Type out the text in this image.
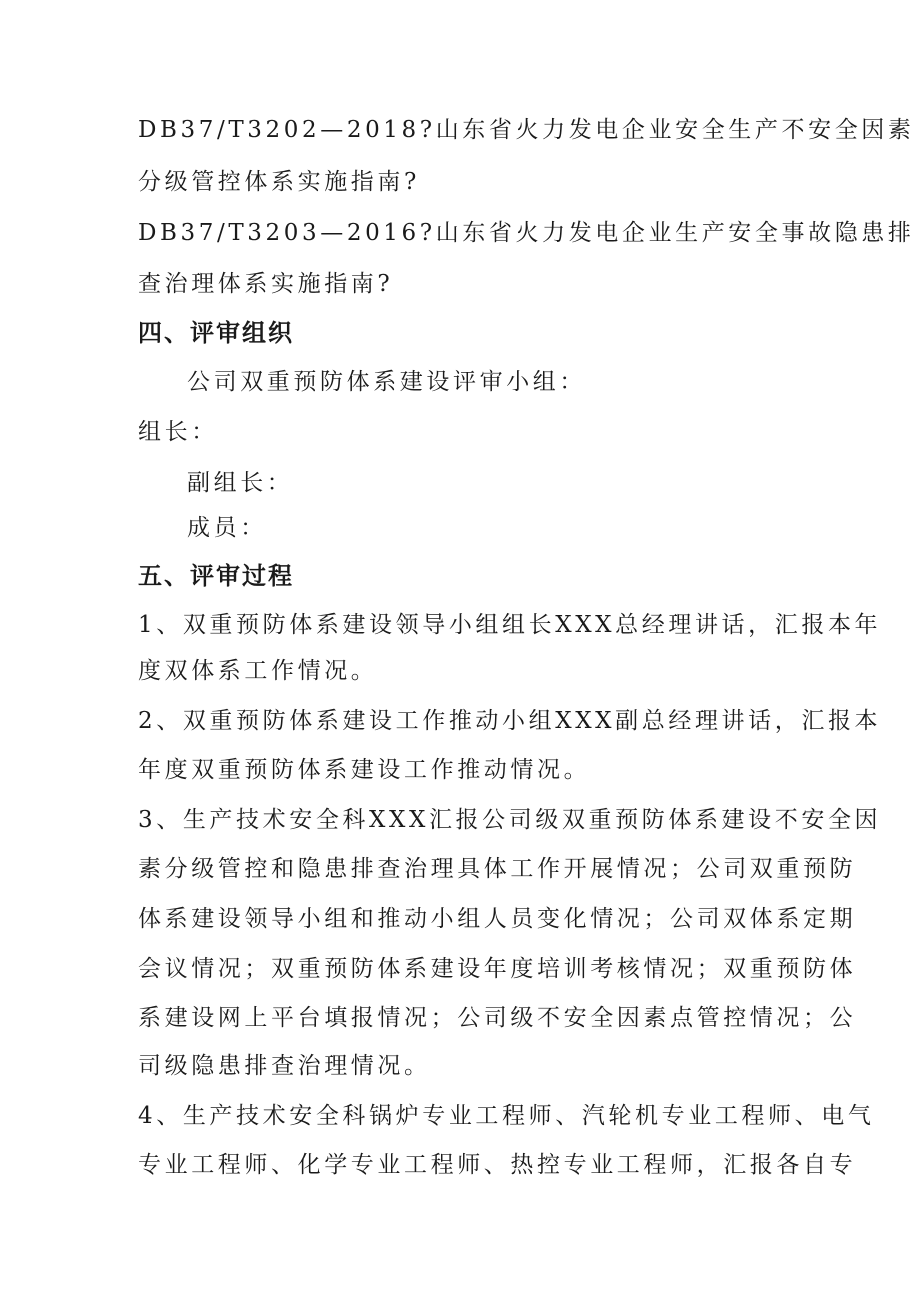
DB37/T3202—2018?山东省火力发电企业安全生产不安全因素
分级管控体系实施指南?
DB37/T3203—2016?山东省火力发电企业生产安全事故隐患排
查治理体系实施指南?
四、评审组织
公司双重预防体系建设评审小组：
组长：
副组长：
成员：
五、评审过程
1、双重预防体系建设领导小组组长XXX总经理讲话，汇报本年
度双体系工作情况。
2、双重预防体系建设工作推动小组XXX副总经理讲话，汇报本
年度双重预防体系建设工作推动情况。
3、生产技术安全科XXX汇报公司级双重预防体系建设不安全因
素分级管控和隐患排查治理具体工作开展情况；公司双重预防
体系建设领导小组和推动小组人员变化情况；公司双体系定期
会议情况；双重预防体系建设年度培训考核情况；双重预防体
系建设网上平台填报情况；公司级不安全因素点管控情况；公
司级隐患排查治理情况。
4、生产技术安全科锅炉专业工程师、汽轮机专业工程师、电气
专业工程师、化学专业工程师、热控专业工程师，汇报各自专
